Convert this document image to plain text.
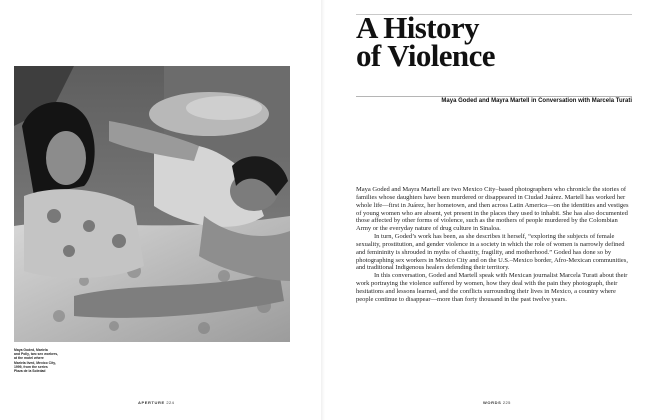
Maya Goded, Mariela
and Polly, two sex workers,
at the motel where
Mariela lived, Mexico City,
1999, from the series
Plaza de la Soledad
APERTURE 224
A History
of Violence
Maya Goded and Mayra Martell in Conversation with Marcela Turati

Maya Goded and Mayra Martell are two Mexico City–based photographers who chronicle the stories of families whose daughters have been murdered or disappeared in Ciudad Juárez. Martell has worked her whole life—first in Juárez, her hometown, and then across Latin America—on the identities and vestiges of young women who are absent, yet present in the places they used to inhabit. She has also documented those affected by other forms of violence, such as the mothers of people murdered by the Colombian Army or the everyday nature of drug culture in Sinaloa.

In turn, Goded’s work has been, as she describes it herself, “exploring the subjects of female sexuality, prostitution, and gender violence in a society in which the role of women is narrowly defined and femininity is shrouded in myths of chastity, fragility, and motherhood.” Goded has done so by photographing sex workers in Mexico City and on the U.S.–Mexico border, Afro-Mexican communities, and traditional Indigenous healers defending their territory.

In this conversation, Goded and Martell speak with Mexican journalist Marcela Turati about their work portraying the violence suffered by women, how they deal with the pain they photograph, their hesitations and lessons learned, and the conflicts surrounding their lives in Mexico, a country where people continue to disappear—more than forty thousand in the past twelve years.

WORDS 225
